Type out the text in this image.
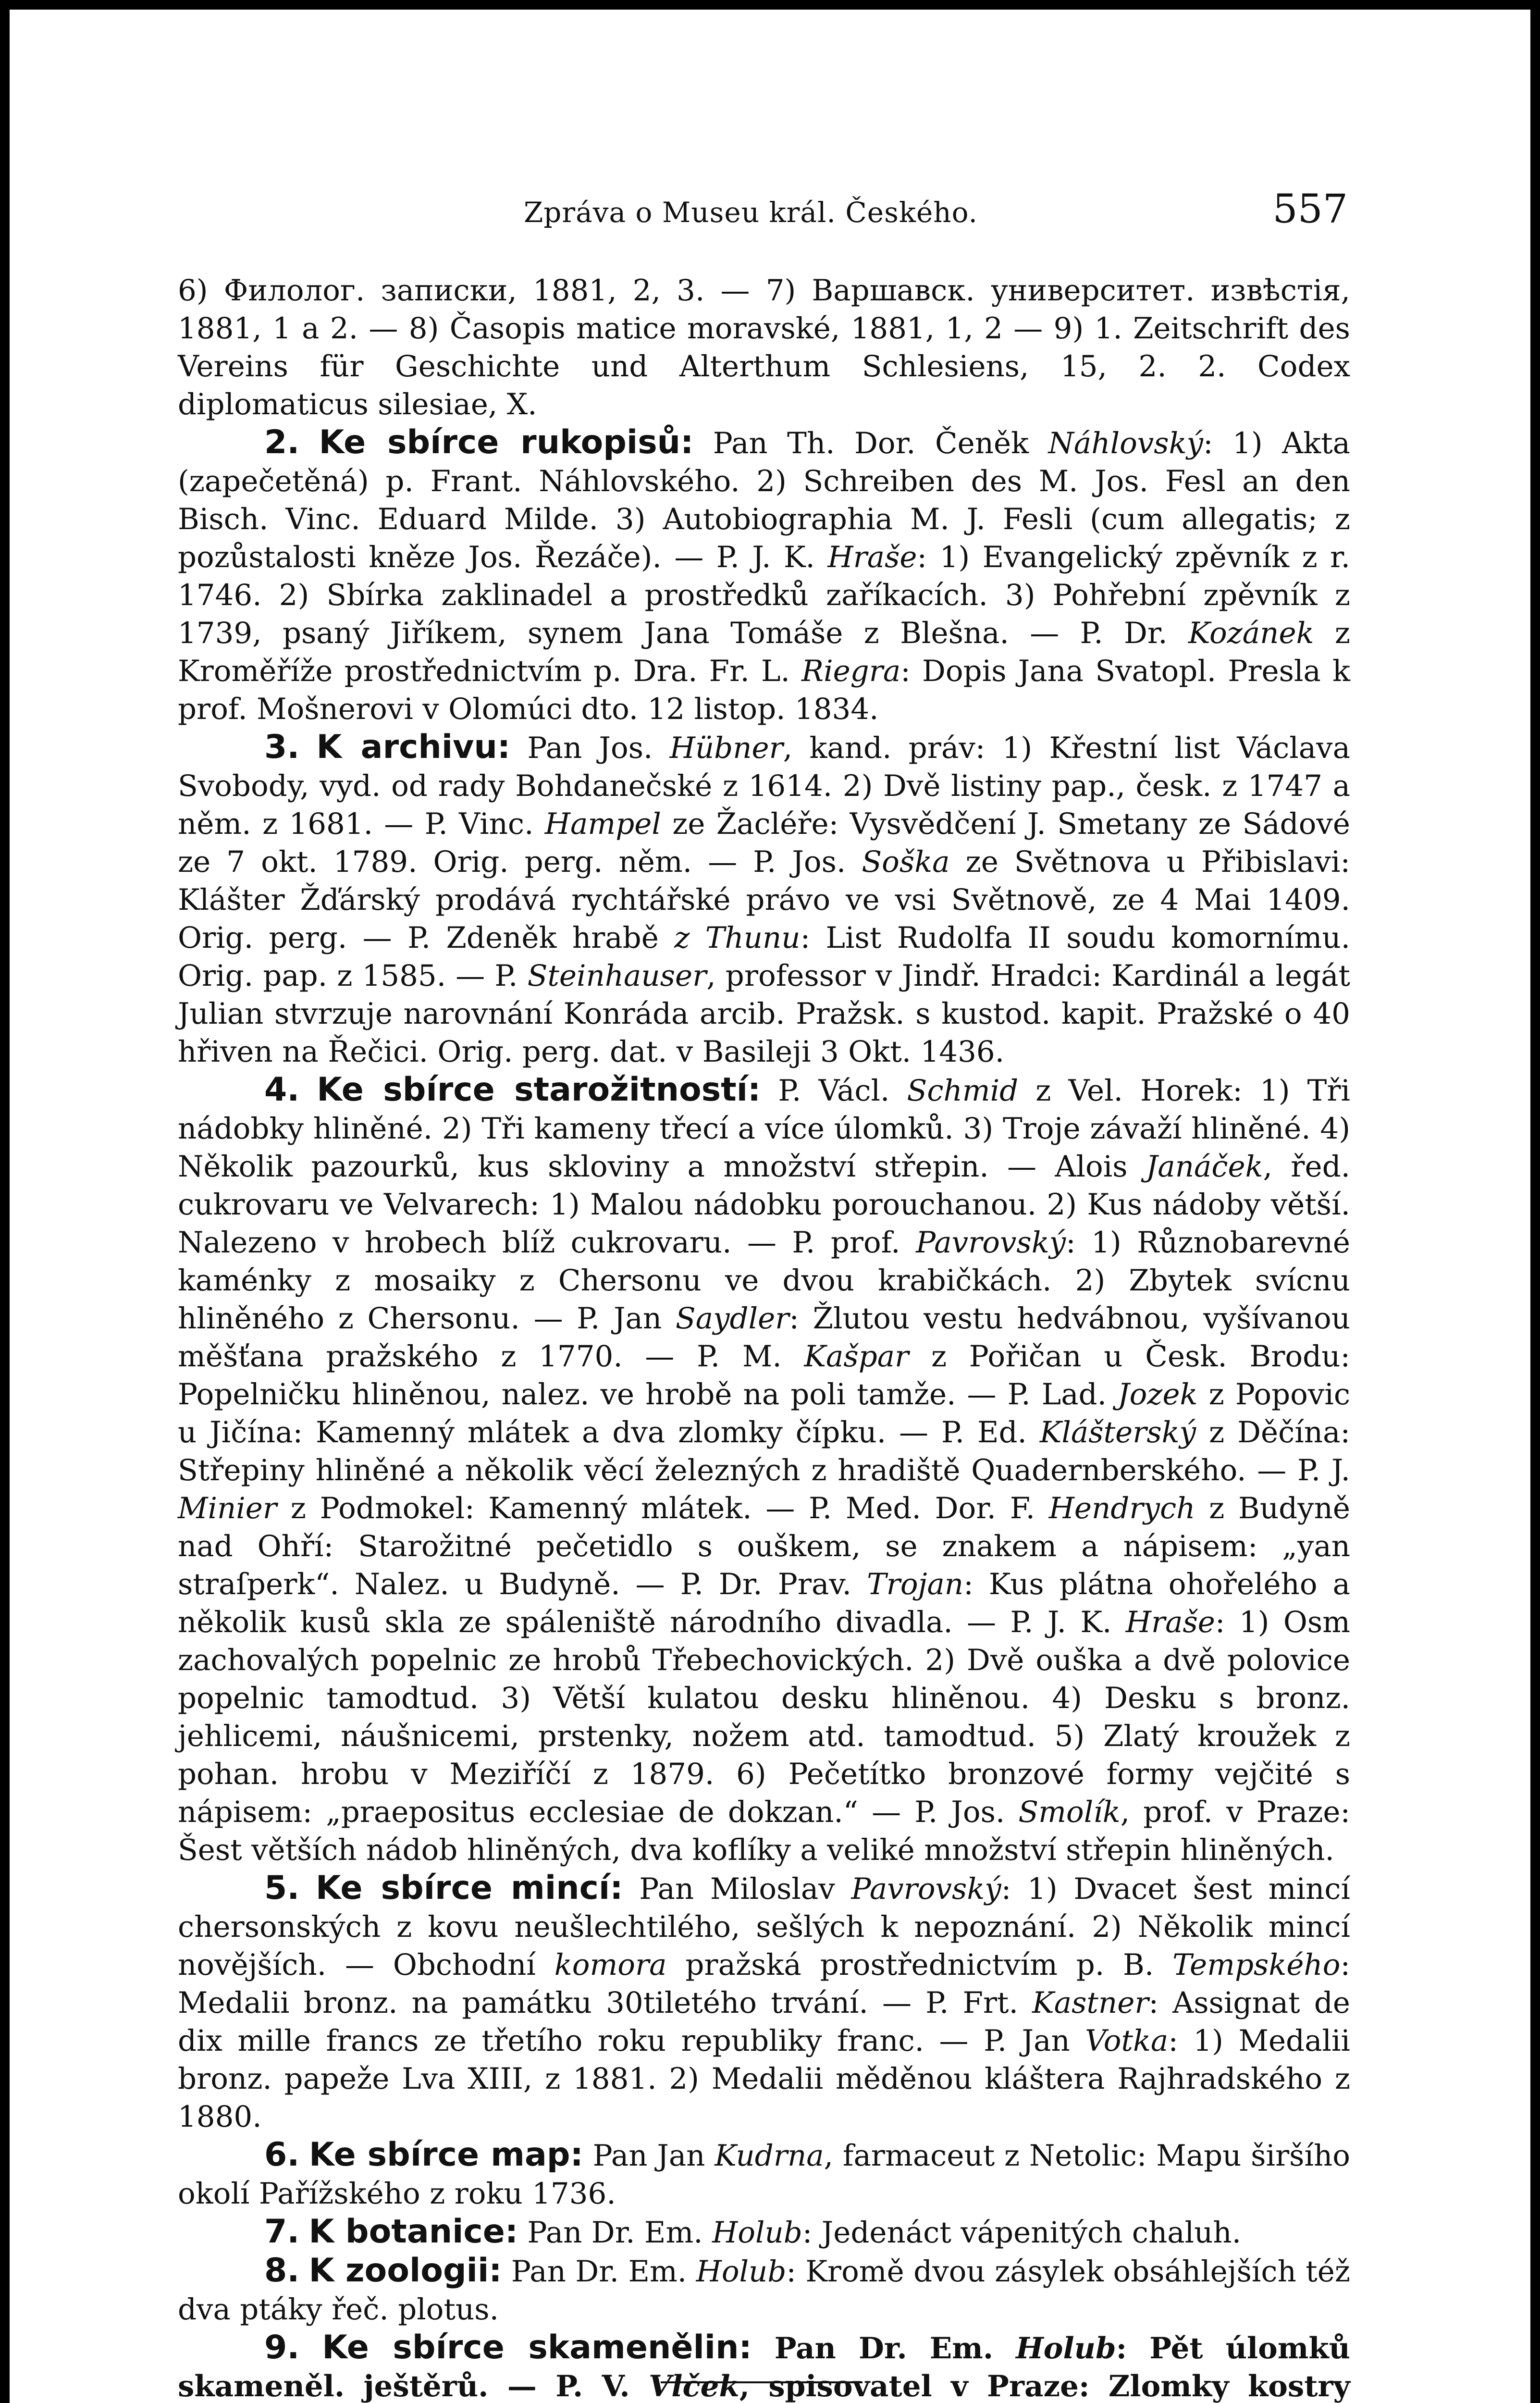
Zpráva o Museu král. Českého.	557

6) Филолог. записки, 1881, 2, 3. — 7) Варшавск. университет. извѣстія, 1881, 1 a 2. — 8) Časopis matice moravské, 1881, 1, 2 — 9) 1. Zeitschrift des Vereins für Geschichte und Alterthum Schlesiens, 15, 2. 2. Codex diplomaticus silesiae, X.

2. Ke sbírce rukopisů: Pan Th. Dor. Čeněk Náhlovský: 1) Akta (zapečetěná) p. Frant. Náhlovského. 2) Schreiben des M. Jos. Fesl an den Bisch. Vinc. Eduard Milde. 3) Autobiographia M. J. Fesli (cum allegatis; z pozůstalosti kněze Jos. Řezáče). — P. J. K. Hraše: 1) Evangelický zpěvník z r. 1746. 2) Sbírka zaklinadel a prostředků zaříkacích. 3) Pohřební zpěvník z 1739, psaný Jiříkem, synem Jana Tomáše z Blešna. — P. Dr. Kozánek z Kroměříže prostřednictvím p. Dra. Fr. L. Riegra: Dopis Jana Svatopl. Presla k prof. Mošnerovi v Olomúci dto. 12 listop. 1834.

3. K archivu: Pan Jos. Hübner, kand. práv: 1) Křestní list Václava Svobody, vyd. od rady Bohdanečské z 1614. 2) Dvě listiny pap., česk. z 1747 a něm. z 1681. — P. Vinc. Hampel ze Žacléře: Vysvědčení J. Smetany ze Sádové ze 7 okt. 1789. Orig. perg. něm. — P. Jos. Soška ze Světnova u Přibislavi: Klášter Žďárský prodává rychtářské právo ve vsi Světnově, ze 4 Mai 1409. Orig. perg. — P. Zdeněk hrabě z Thunu: List Rudolfa II soudu komornímu. Orig. pap. z 1585. — P. Steinhauser, professor v Jindř. Hradci: Kardinál a legát Julian stvrzuje narovnání Konráda arcib. Pražsk. s kustod. kapit. Pražské o 40 hřiven na Řečici. Orig. perg. dat. v Basileji 3 Okt. 1436.

4. Ke sbírce starožitností: P. Václ. Schmid z Vel. Horek: 1) Tři nádobky hliněné. 2) Tři kameny třecí a více úlomků. 3) Troje závaží hliněné. 4) Několik pazourků, kus skloviny a množství střepin. — Alois Janáček, řed. cukrovaru ve Velvarech: 1) Malou nádobku porouchanou. 2) Kus nádoby větší. Nalezeno v hrobech blíž cukrovaru. — P. prof. Pavrovský: 1) Různobarevné kaménky z mosaiky z Chersonu ve dvou krabičkách. 2) Zbytek svícnu hliněného z Chersonu. — P. Jan Saydler: Žlutou vestu hedvábnou, vyšívanou měšťana pražského z 1770. — P. M. Kašpar z Pořičan u Česk. Brodu: Popelničku hliněnou, nalez. ve hrobě na poli tamže. — P. Lad. Jozek z Popovic u Jičína: Kamenný mlátek a dva zlomky čípku. — P. Ed. Klášterský z Děčína: Střepiny hliněné a několik věcí železných z hradiště Quadernberského. — P. J. Minier z Podmokel: Kamenný mlátek. — P. Med. Dor. F. Hendrych z Budyně nad Ohří: Starožitné pečetidlo s ouškem, se znakem a nápisem: „yan straſperk“. Nalez. u Budyně. — P. Dr. Prav. Trojan: Kus plátna ohořelého a několik kusů skla ze spáleniště národního divadla. — P. J. K. Hraše: 1) Osm zachovalých popelnic ze hrobů Třebechovických. 2) Dvě ouška a dvě polovice popelnic tamodtud. 3) Větší kulatou desku hliněnou. 4) Desku s bronz. jehlicemi, náušnicemi, prstenky, nožem atd. tamodtud. 5) Zlatý kroužek z pohan. hrobu v Meziříčí z 1879. 6) Pečetítko bronzové formy vejčité s nápisem: „praepositus ecclesiae de dokzan.“ — P. Jos. Smolík, prof. v Praze: Šest větších nádob hliněných, dva koflíky a veliké množství střepin hliněných.

5. Ke sbírce mincí: Pan Miloslav Pavrovský: 1) Dvacet šest mincí chersonských z kovu neušlechtilého, sešlých k nepoznání. 2) Několik mincí novějších. — Obchodní komora pražská prostřednictvím p. B. Tempského: Medalii bronz. na památku 30tiletého trvání. — P. Frt. Kastner: Assignat de dix mille francs ze třetího roku republiky franc. — P. Jan Votka: 1) Medalii bronz. papeže Lva XIII, z 1881. 2) Medalii měděnou kláštera Rajhradského z 1880.

6. Ke sbírce map: Pan Jan Kudrna, farmaceut z Netolic: Mapu širšího okolí Pařížského z roku 1736.

7. K botanice: Pan Dr. Em. Holub: Jedenáct vápenitých chaluh.

8. K zoologii: Pan Dr. Em. Holub: Kromě dvou zásylek obsáhlejších též dva ptáky řeč. plotus.

9. Ke sbírce skamenělin: Pan Dr. Em. Holub: Pět úlomků skameněl. ještěrů. — P. V. Vlček, spisovatel v Praze: Zlomky kostry
